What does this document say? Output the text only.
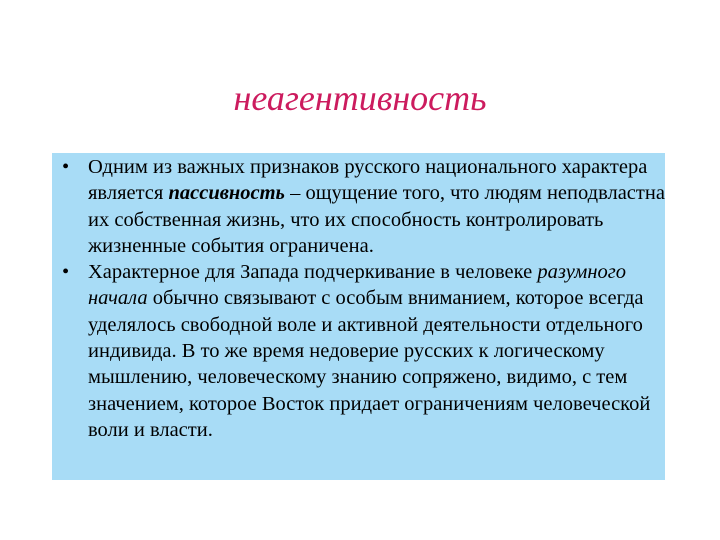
неагентивность
• Одним из важных признаков русского национального характера является пассивность – ощущение того, что людям неподвластна их собственная жизнь, что их способность контролировать жизненные события ограничена.
• Характерное для Запада подчеркивание в человеке разумного начала обычно связывают с особым вниманием, которое всегда уделялось свободной воле и активной деятельности отдельного индивида. В то же время недоверие русских к логическому мышлению, человеческому знанию сопряжено, видимо, с тем значением, которое Восток придает ограничениям человеческой воли и власти.
